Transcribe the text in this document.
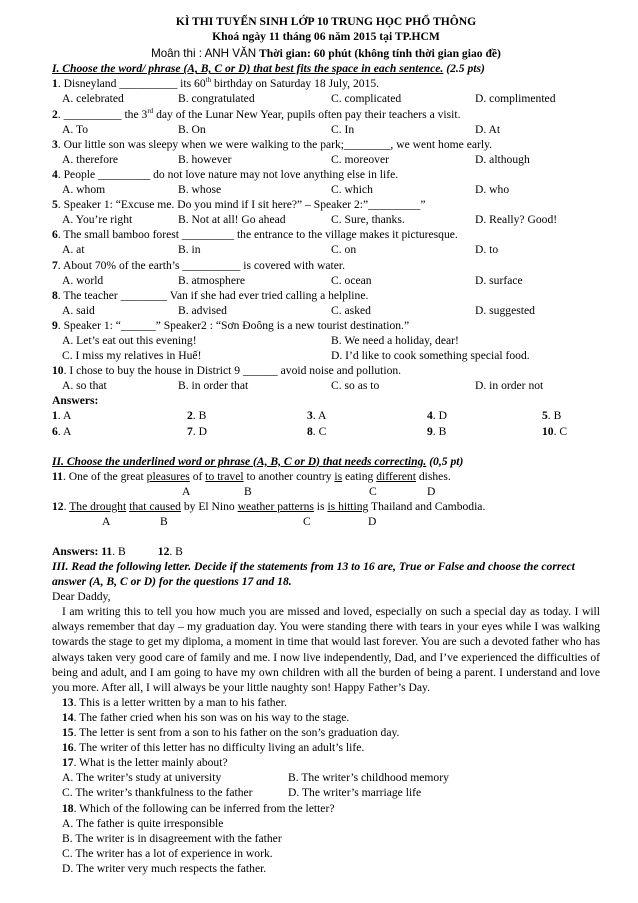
KÌ THI TUYỂN SINH LỚP 10 TRUNG HỌC PHỔ THÔNG
Khoá ngày 11 tháng 06 năm 2015 tại TP.HCM
Moân thi : ANH VĂN Thời gian: 60 phút (không tính thời gian giao đề)
I. Choose the word/ phrase (A, B, C or D) that best fits the space in each sentence. (2.5 pts)
1. Disneyland __________ its 60th birthday on Saturday 18 July, 2015.
A. celebrated	B. congratulated	C. complicated	D. complimented
2. __________ the 3rd day of the Lunar New Year, pupils often pay their teachers a visit.
A. To	B. On	C. In	D. At
3. Our little son was sleepy when we were walking to the park;________, we went home early.
A. therefore	B. however	C. moreover	D. although
4. People _________ do not love nature may not love anything else in life.
A. whom	B. whose	C. which	D. who
5. Speaker 1: “Excuse me. Do you mind if I sit here?” – Speaker 2:”_________”
A. You’re right	B. Not at all! Go ahead	C. Sure, thanks.	D. Really? Good!
6. The small bamboo forest _________ the entrance to the village makes it picturesque.
A. at	B. in	C. on	D. to
7. About 70% of the earth’s __________ is covered with water.
A. world	B. atmosphere	C. ocean	D. surface
8. The teacher ________ Van if she had ever tried calling a helpline.
A. said	B. advised	C. asked	D. suggested
9. Speaker 1: “______” Speaker2 : “Sơn Đoông is a new tourist destination.”
A. Let’s eat out this evening!	B. We need a holiday, dear!
C. I miss my relatives in Huế!	D. I’d like to cook something special food.
10. I chose to buy the house in District 9 ______ avoid noise and pollution.
A. so that	B. in order that	C. so as to	D. in order not
Answers:
1. A	2. B	3. A	4. D	5. B
6. A	7. D	8. C	9. B	10. C
II. Choose the underlined word or phrase (A, B, C or D) that needs correcting. (0,5 pt)
11. One of the great pleasures of to travel to another country is eating different dishes.
A	B	C	D
12. The drought that caused by El Nino weather patterns is is hitting Thailand and Cambodia.
A	B	C	D
Answers: 11. B	12. B
III. Read the following letter. Decide if the statements from 13 to 16 are, True or False and choose the correct answer (A, B, C or D) for the questions 17 and 18.
Dear Daddy,
I am writing this to tell you how much you are missed and loved, especially on such a special day as today. I will always remember that day – my graduation day. You were standing there with tears in your eyes while I was walking towards the stage to get my diploma, a moment in time that would last forever. You are such a devoted father who has always taken very good care of family and me. I now live independently, Dad, and I’ve experienced the difficulties of being and adult, and I am going to have my own children with all the burden of being a parent. I understand and love you more. After all, I will always be your little naughty son! Happy Father’s Day.
13. This is a letter written by a man to his father.
14. The father cried when his son was on his way to the stage.
15. The letter is sent from a son to his father on the son’s graduation day.
16. The writer of this letter has no difficulty living an adult’s life.
17. What is the letter mainly about?
A. The writer’s study at university	B. The writer’s childhood memory
C. The writer’s thankfulness to the father	D. The writer’s marriage life
18. Which of the following can be inferred from the letter?
A. The father is quite irresponsible
B. The writer is in disagreement with the father
C. The writer has a lot of experience in work.
D. The writer very much respects the father.
